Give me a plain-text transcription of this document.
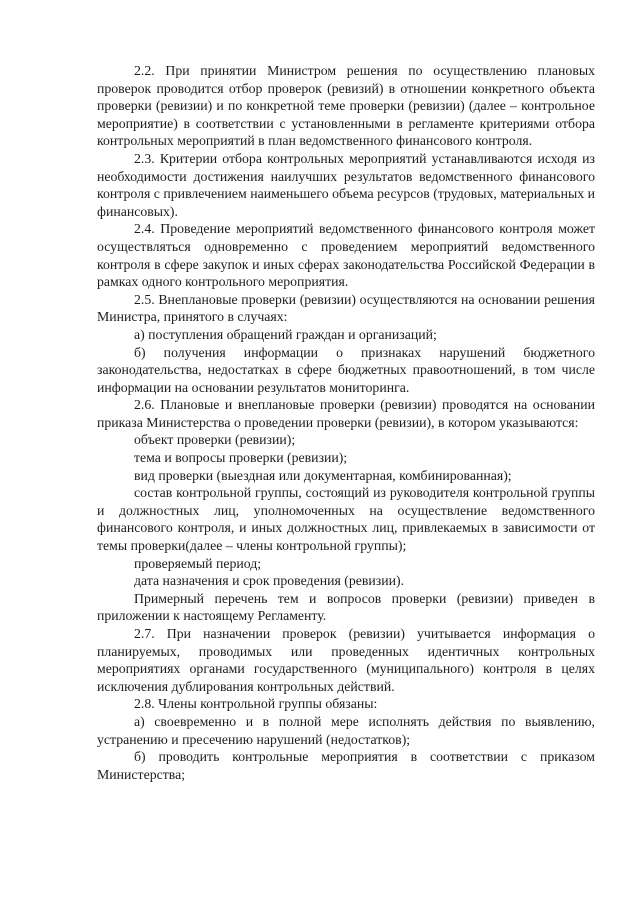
2.2. При принятии Министром решения по осуществлению плановых проверок проводится отбор проверок (ревизий) в отношении конкретного объекта проверки (ревизии) и по конкретной теме проверки (ревизии) (далее – контрольное мероприятие) в соответствии с установленными в регламенте критериями отбора контрольных мероприятий в план ведомственного финансового контроля.

2.3. Критерии отбора контрольных мероприятий устанавливаются исходя из необходимости достижения наилучших результатов ведомственного финансового контроля с привлечением наименьшего объема ресурсов (трудовых, материальных и финансовых).

2.4. Проведение мероприятий ведомственного финансового контроля может осуществляться одновременно с проведением мероприятий ведомственного контроля в сфере закупок и иных сферах законодательства Российской Федерации в рамках одного контрольного мероприятия.

2.5. Внеплановые проверки (ревизии) осуществляются на основании решения Министра, принятого в случаях:

а) поступления обращений граждан и организаций;

б) получения информации о признаках нарушений бюджетного законодательства, недостатках в сфере бюджетных правоотношений, в том числе информации на основании результатов мониторинга.

2.6. Плановые и внеплановые проверки (ревизии) проводятся на основании приказа Министерства о проведении проверки (ревизии), в котором указываются:

объект проверки (ревизии);

тема и вопросы проверки (ревизии);

вид проверки (выездная или документарная, комбинированная);

состав контрольной группы, состоящий из руководителя контрольной группы и должностных лиц, уполномоченных на осуществление ведомственного финансового контроля, и иных должностных лиц, привлекаемых в зависимости от темы проверки(далее – члены контрольной группы);

проверяемый период;

дата назначения и срок проведения (ревизии).

Примерный перечень тем и вопросов проверки (ревизии) приведен в приложении к настоящему Регламенту.

2.7. При назначении проверок (ревизии) учитывается информация о планируемых, проводимых или проведенных идентичных контрольных мероприятиях органами государственного (муниципального) контроля в целях исключения дублирования контрольных действий.

2.8. Члены контрольной группы обязаны:

а) своевременно и в полной мере исполнять действия по выявлению, устранению и пресечению нарушений (недостатков);

б) проводить контрольные мероприятия в соответствии с приказом Министерства;
